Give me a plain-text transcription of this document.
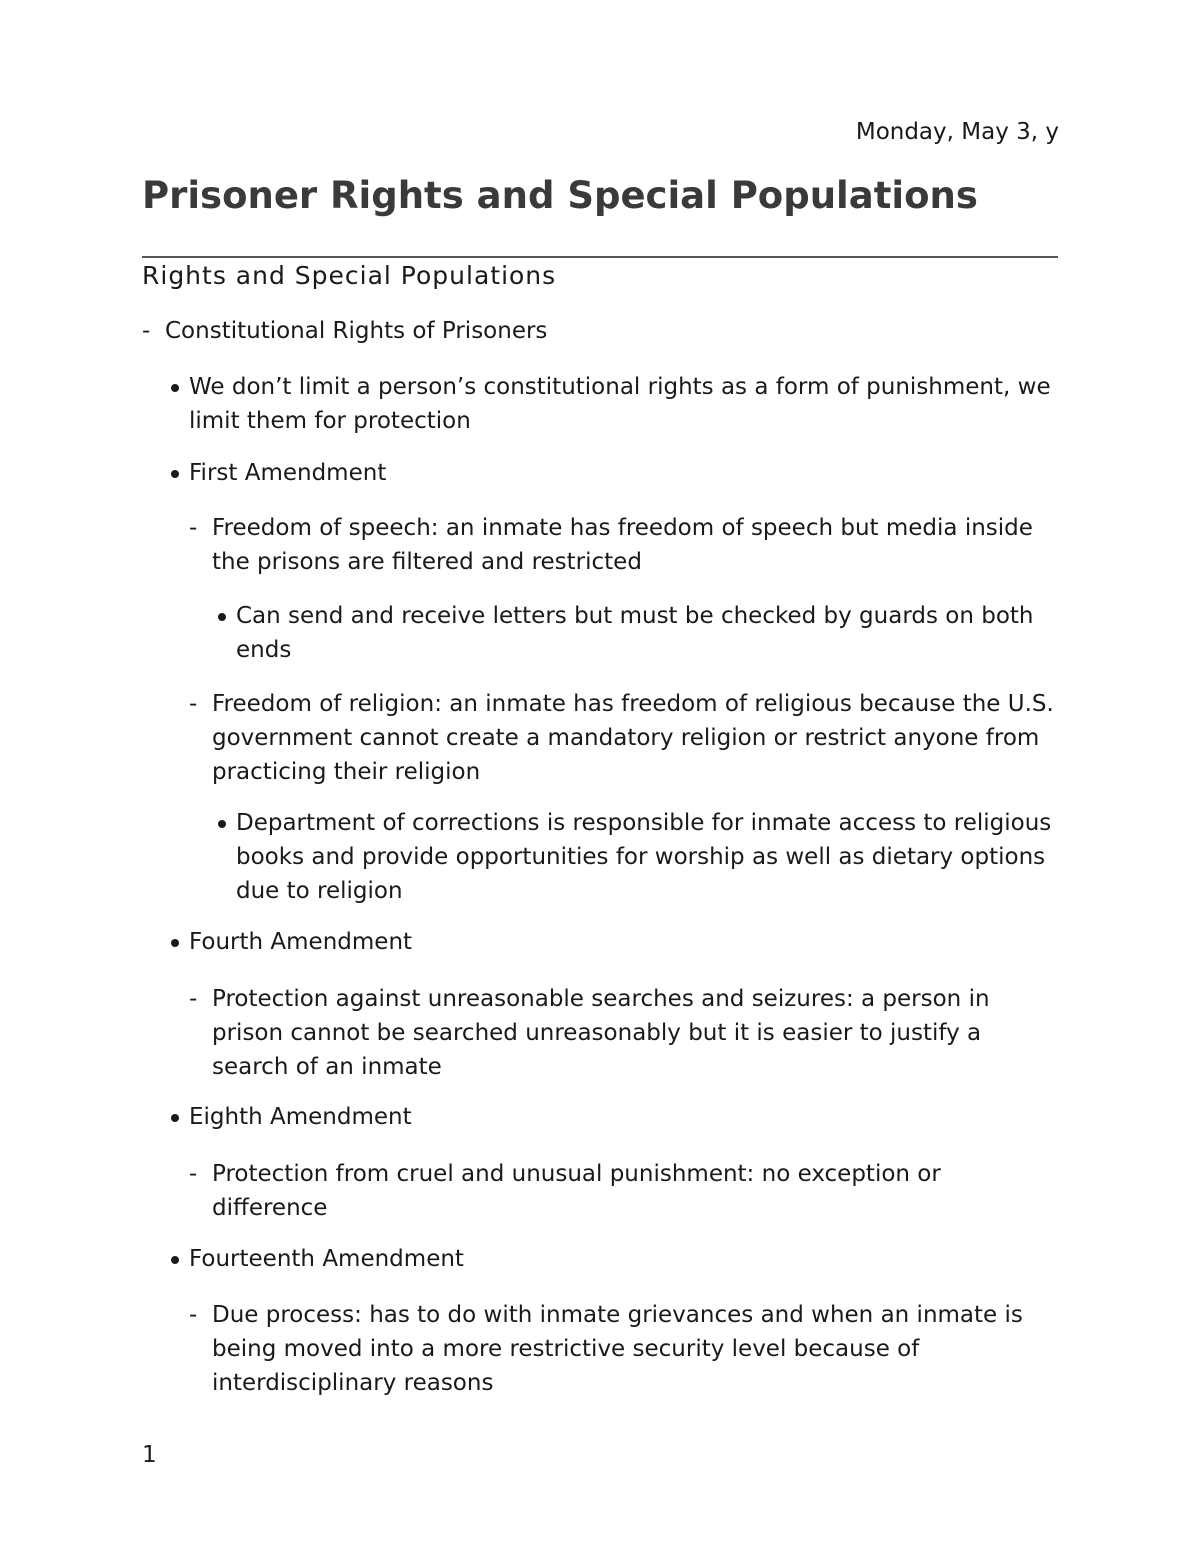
Monday, May 3, y
Prisoner Rights and Special Populations
Rights and Special Populations
- Constitutional Rights of Prisoners
We don’t limit a person’s constitutional rights as a form of punishment, we limit them for protection
First Amendment
- Freedom of speech: an inmate has freedom of speech but media inside the prisons are filtered and restricted
Can send and receive letters but must be checked by guards on both ends
- Freedom of religion: an inmate has freedom of religious because the U.S. government cannot create a mandatory religion or restrict anyone from practicing their religion
Department of corrections is responsible for inmate access to religious books and provide opportunities for worship as well as dietary options due to religion
Fourth Amendment
- Protection against unreasonable searches and seizures: a person in prison cannot be searched unreasonably but it is easier to justify a search of an inmate
Eighth Amendment
- Protection from cruel and unusual punishment: no exception or difference
Fourteenth Amendment
- Due process: has to do with inmate grievances and when an inmate is being moved into a more restrictive security level because of interdisciplinary reasons
1
